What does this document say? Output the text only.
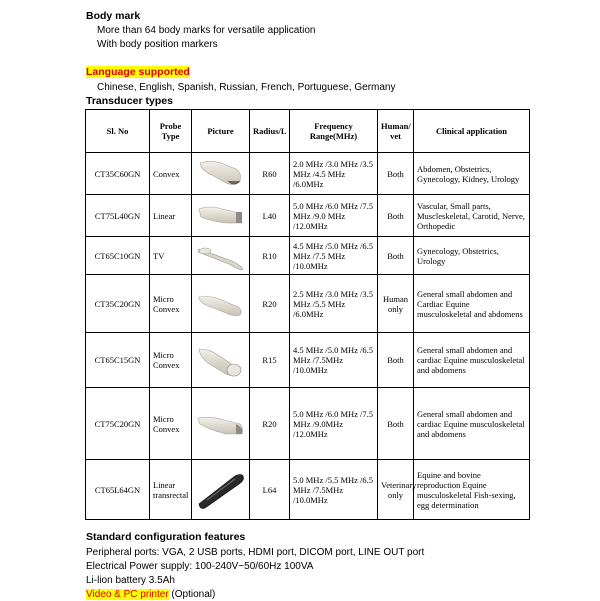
Body mark
More than 64 body marks for versatile application
With body position markers
Language supported
Chinese, English, Spanish, Russian, French, Portuguese, Germany
Transducer types
Sl. No	Probe Type	Picture	Radius/L	Frequency Range(MHz)	Human/ vet	Clinical application
CT35C60GN	Convex		R60	2.0 MHz /3.0 MHz /3.5 MHz /4.5 MHz /6.0MHz	Both	Abdomen, Obstetrics, Gynecology, Kidney, Urology
CT75L40GN	Linear		L40	5.0 MHz /6.0 MHz /7.5 MHz /9.0 MHz /12.0MHz	Both	Vascular, Small parts, Muscleskeletal, Carotid, Nerve, Orthopedic
CT65C10GN	TV		R10	4.5 MHz /5.0 MHz /6.5 MHz /7.5 MHz /10.0MHz	Both	Gynecology, Obstetrics, Urology
CT35C20GN	Micro Convex		R20	2.5 MHz /3.0 MHz /3.5 MHz /5.5 MHz /6.0MHz	Human only	General small abdomen and Cardiac Equine musculoskeletal and abdomens
CT65C15GN	Micro Convex		R15	4.5 MHz /5.0 MHz /6.5 MHz /7.5MHz /10.0MHz	Both	General small abdomen and cardiac Equine musculoskeletal and abdomens
CT75C20GN	Micro Convex		R20	5.0 MHz /6.0 MHz /7.5 MHz /9.0MHz /12.0MHz	Both	General small abdomen and cardiac Equine musculoskeletal and abdomens
CT65L64GN	Linear transrectal		L64	5.0 MHz /5.5 MHz /6.5 MHz /7.5MHz /10.0MHz	Veterinary only	Equine and bovine reproduction Equine musculoskeletal Fish-sexing, egg determination
Standard configuration features
Peripheral ports: VGA, 2 USB ports, HDMI port, DICOM port, LINE OUT port
Electrical Power supply: 100-240V~50/60Hz 100VA
Li-lion battery 3.5Ah
Video & PC printer (Optional)
